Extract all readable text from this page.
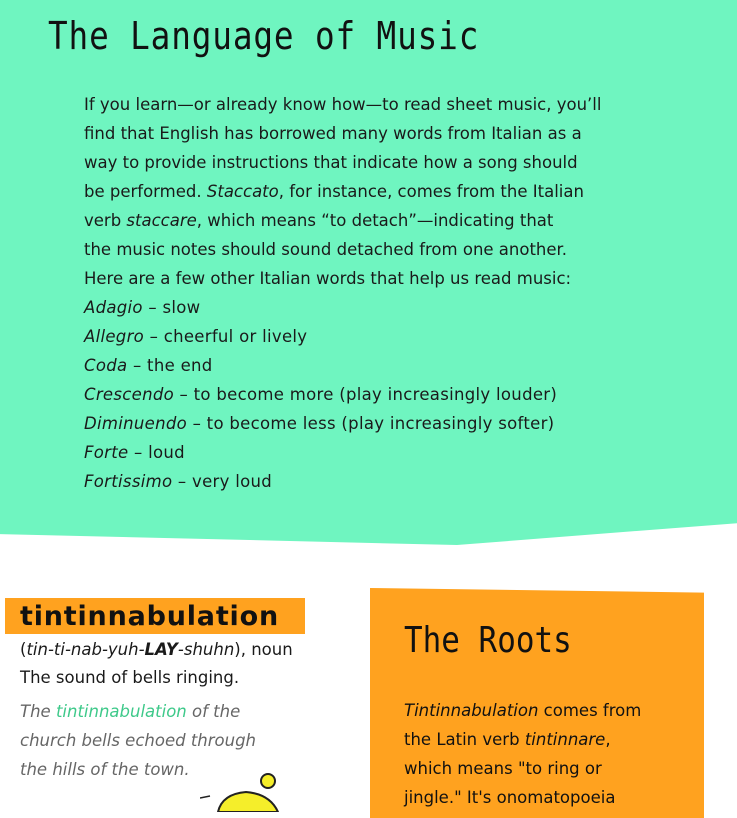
The Language of Music

If you learn—or already know how—to read sheet music, you’ll

find that English has borrowed many words from Italian as a

way to provide instructions that indicate how a song should

be performed. Staccato, for instance, comes from the Italian

verb staccare, which means “to detach”—indicating that

the music notes should sound detached from one another.

Here are a few other Italian words that help us read music:

Adagio – slow
Allegro – cheerful or lively
Coda – the end
Crescendo – to become more (play increasingly louder)
Diminuendo – to become less (play increasingly softer)
Forte – loud
Fortissimo – very loud
tintinnabulation
(tin-ti-nab-yuh-LAY-shuhn), noun
The sound of bells ringing.

The tintinnabulation of the

church bells echoed through

the hills of the town.

The Roots

Tintinnabulation comes from

the Latin verb tintinnare,

which means "to ring or

jingle." It's onomatopoeia
